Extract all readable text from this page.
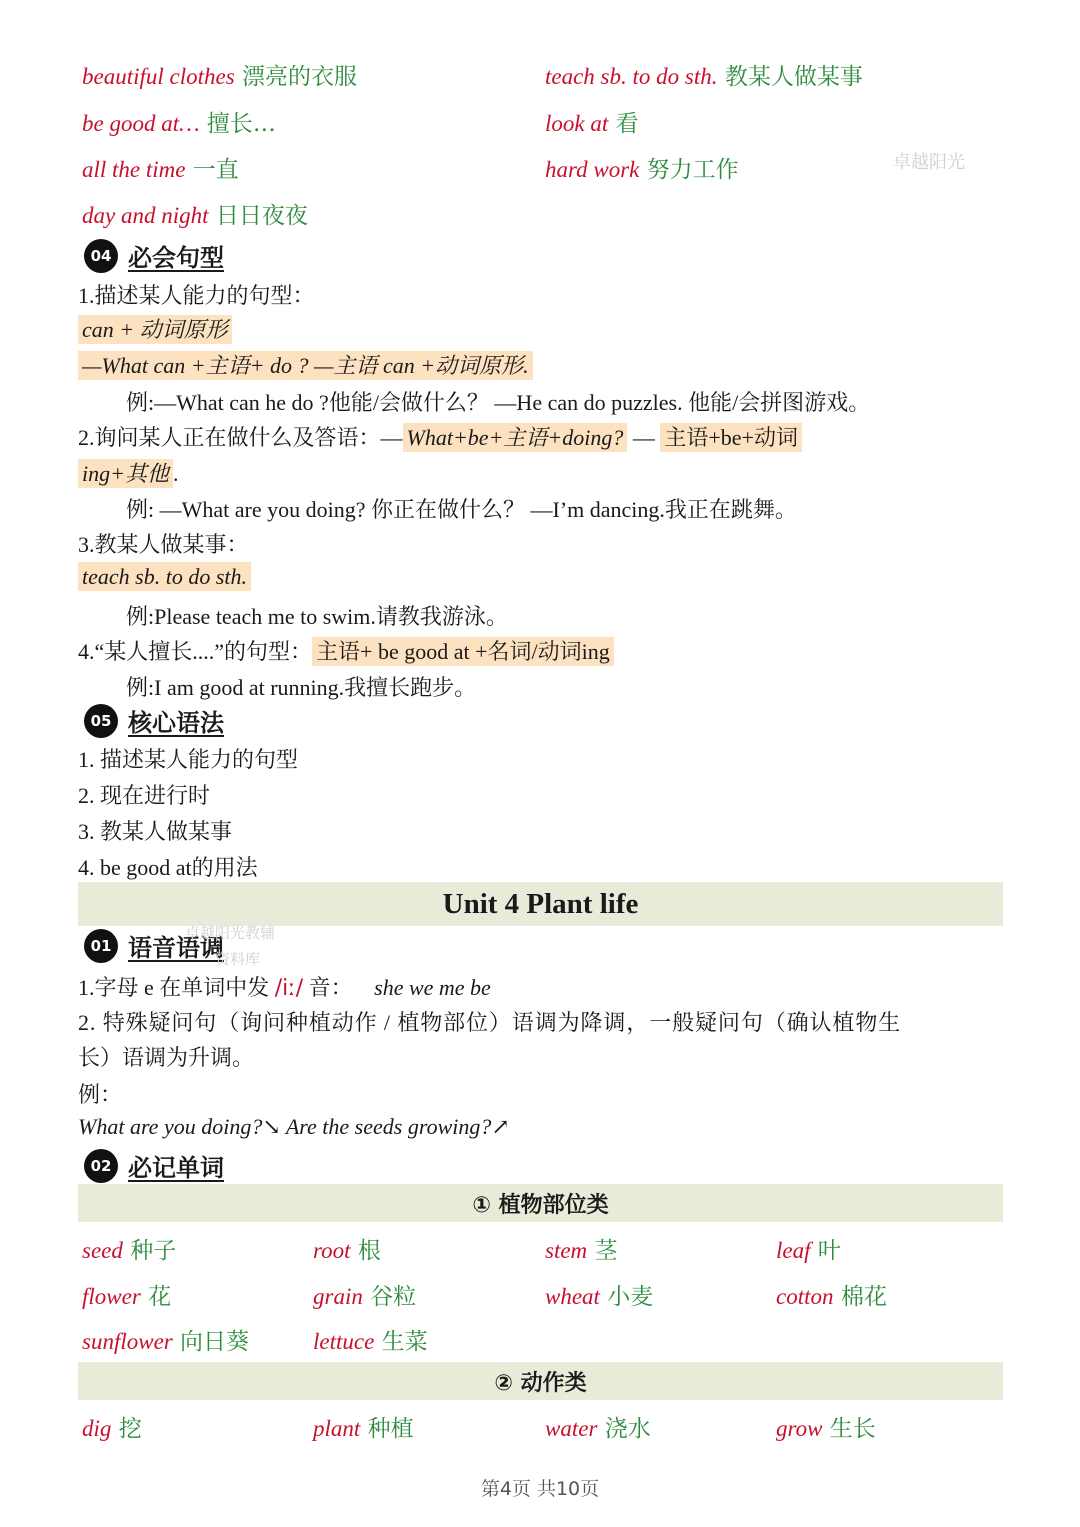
beautiful clothes 漂亮的衣服	teach sb. to do sth. 教某人做某事
be good at… 擅长…	look at 看
all the time 一直	hard work 努力工作	卓越阳光
day and night 日日夜夜
04 必会句型
1.描述某人能力的句型：
can + 动词原形
—What can +主语+ do ? —主语 can +动词原形.
例:—What can he do ?他能/会做什么？ —He can do puzzles. 他能/会拼图游戏。
2.询问某人正在做什么及答语：— What+be+主语+doing? — 主语+be+动词
ing+其他 .
例: —What are you doing? 你正在做什么？ —I’m dancing.我正在跳舞。
3.教某人做某事：
teach sb. to do sth.
例:Please teach me to swim.请教我游泳。
4.“某人擅长....”的句型： 主语+ be good at +名词/动词ing
例:I am good at running.我擅长跑步。
05 核心语法
1. 描述某人能力的句型
2. 现在进行时
3. 教某人做某事
4. be good at的用法
Unit 4 Plant life
01 语音语调
卓越阳光教辅
资料库
1.字母 e 在单词中发 /iː/ 音： she we me be
2. 特殊疑问句（询问种植动作 / 植物部位）语调为降调，一般疑问句（确认植物生
长）语调为升调。
例：
What are you doing?↘ Are the seeds growing?↗
02 必记单词
① 植物部位类
seed 种子	root 根	stem 茎	leaf 叶
flower 花	grain 谷粒	wheat 小麦	cotton 棉花
sunflower 向日葵	lettuce 生菜
② 动作类
dig 挖	plant 种植	water 浇水	grow 生长
第4页 共10页
